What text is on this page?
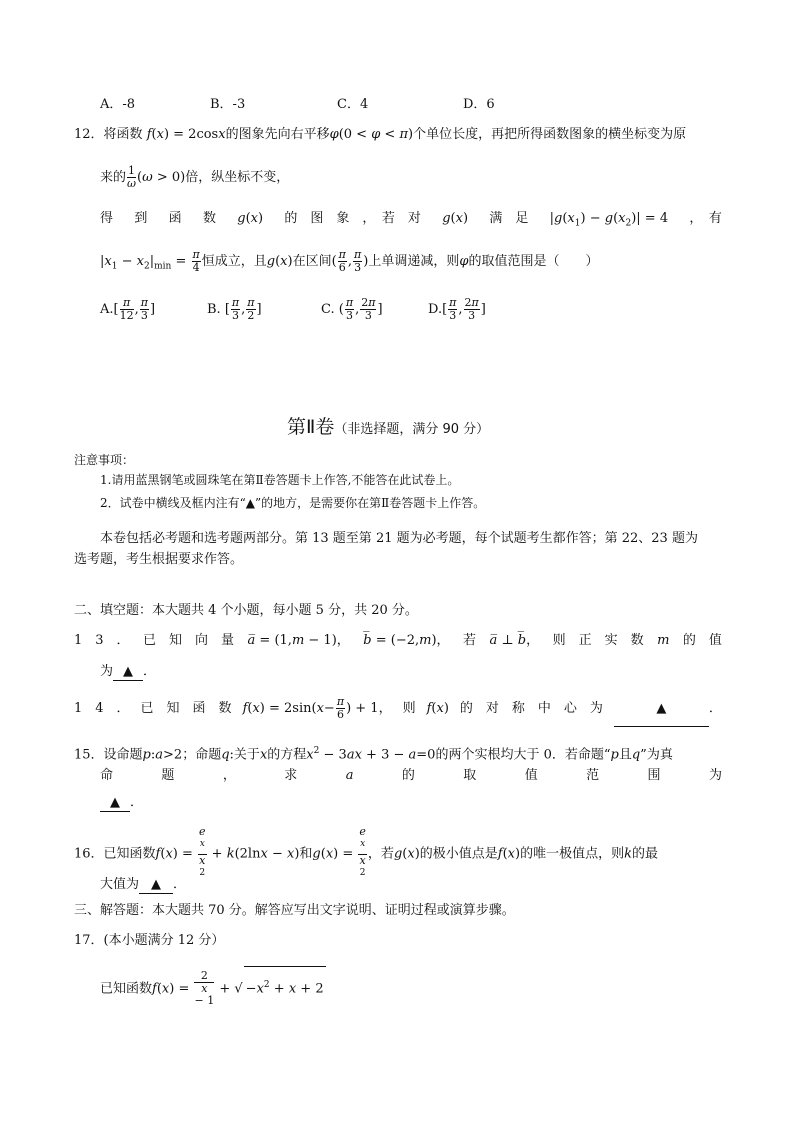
A．-8	B．-3	C．4	D．6
12．将函数 f(x) = 2cosx的图象先向右平移φ(0 < φ < π)个单位长度，再把所得函数图象的横坐标变为原
来的 $\frac{1}{\omega} (\omega > 0)$倍，纵坐标不变，
得 到 函 数 g(x) 的　图　象　，　若　对 g(x) 满　足 $|g(x_1) - g(x_2)| = 4$ ，　有
$|x_1 - x_2|_{min} = \frac{\pi}{4}$ 恒成立，且g(x)在区间( $\frac{\pi}{6}$ , $\frac{\pi}{3}$ )上单调递减，则φ的取值范围是（　　）
$A.[ \frac{\pi}{12}$ , $\frac{\pi}{3}$ ]	B. [ $\frac{\pi}{3}$ , $\frac{\pi}{2}$ ]	C. ( $\frac{\pi}{3}$ , $\frac{2\pi}{3}$ ]	$D.[ \frac{\pi}{3}$ , $\frac{2\pi}{3}$ ]
第Ⅱ卷（非选择题，满分 90 分）
注意事项：
1.请用蓝黑钢笔或圆珠笔在第Ⅱ卷答题卡上作答,不能答在此试卷上。
2．试卷中横线及框内注有“▲”的地方，是需要你在第Ⅱ卷答题卡上作答。
本卷包括必考题和选考题两部分。第 13 题至第 21 题为必考题，每个试题考生都作答；第 22、23 题为
选考题，考生根据要求作答。
二、填空题：本大题共 4 个小题，每小题 5 分，共 20 分。
1　3　． 已　知　向　量 a̅ = (1,m − 1)， b̅ = (−2,m)， 若 a̅ ⊥ b̅， 则　正　实　数 m 的　值
为 ▲ ．
1　4　． 已　知　函　数 $f(x) = 2\sin(x- \frac{\pi}{6}$ ) + 1， 则 f(x) 的　对　称　中　心　为	▲	．
15．设命题p:a>2；命题q:关于x的方程$x^2 - 3ax + 3 - a=0$的两个实根均大于 0．若命题“p且q”为真
命	题	，	求	a	的	取	值	范	围	为
▲ ．
16．已知函数f(x) = e
$^x$
x
$^2$ + k(2lnx − x)和g(x) = e
$^x$
x
$^2$ ，若g(x)的极小值点是f(x)的唯一极值点，则k的最
大值为 ▲ ．
三、解答题：本大题共 70 分。解答应写出文字说明、证明过程或演算步骤。
17．(本小题满分 12 分）
已知函数f(x) = 2
x
− 1 + √ $-x^2 + x + 2$
